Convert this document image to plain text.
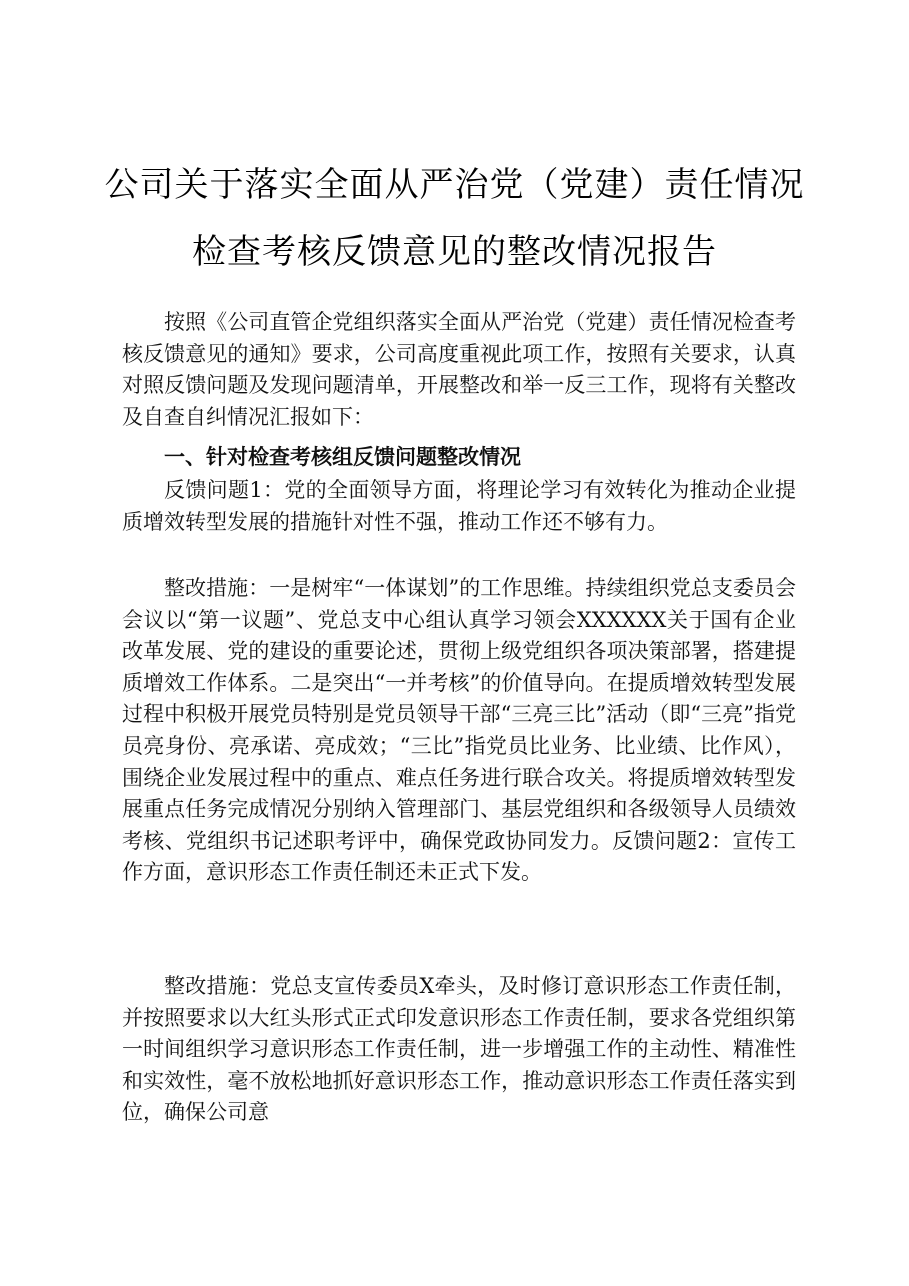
公司关于落实全面从严治党（党建）责任情况
检查考核反馈意见的整改情况报告

按照《公司直管企党组织落实全面从严治党（党建）责任情况检查考核反馈意见的通知》要求，公司高度重视此项工作，按照有关要求，认真对照反馈问题及发现问题清单，开展整改和举一反三工作，现将有关整改及自查自纠情况汇报如下：

一、针对检查考核组反馈问题整改情况

反馈问题1：党的全面领导方面，将理论学习有效转化为推动企业提质增效转型发展的措施针对性不强，推动工作还不够有力。

整改措施：一是树牢“一体谋划”的工作思维。持续组织党总支委员会会议以“第一议题”、党总支中心组认真学习领会XXXXXX关于国有企业改革发展、党的建设的重要论述，贯彻上级党组织各项决策部署，搭建提质增效工作体系。二是突出“一并考核”的价值导向。在提质增效转型发展过程中积极开展党员特别是党员领导干部“三亮三比”活动（即“三亮”指党员亮身份、亮承诺、亮成效；“三比”指党员比业务、比业绩、比作风），围绕企业发展过程中的重点、难点任务进行联合攻关。将提质增效转型发展重点任务完成情况分别纳入管理部门、基层党组织和各级领导人员绩效考核、党组织书记述职考评中，确保党政协同发力。反馈问题2：宣传工作方面，意识形态工作责任制还未正式下发。

整改措施：党总支宣传委员X牵头，及时修订意识形态工作责任制，并按照要求以大红头形式正式印发意识形态工作责任制，要求各党组织第一时间组织学习意识形态工作责任制，进一步增强工作的主动性、精准性和实效性，毫不放松地抓好意识形态工作，推动意识形态工作责任落实到位，确保公司意
